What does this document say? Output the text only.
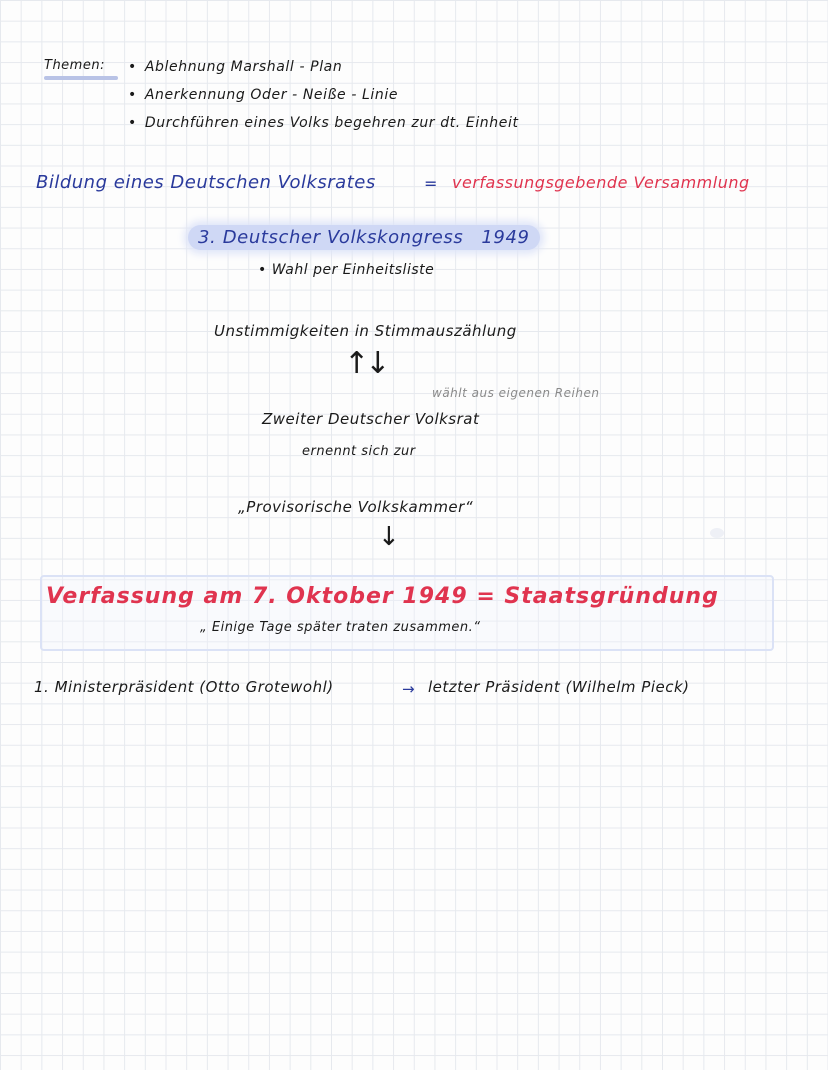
Themen:
•	Ablehnung Marshall - Plan
• Anerkennung Oder - Neiße - Linie
• Durchführen eines Volks begehren zur dt. Einheit
Bildung eines Deutschen Volksrates	= verfassungsgebende Versammlung
3. Deutscher Volkskongress 1949
• Wahl per Einheitsliste
Unstimmigkeiten in Stimmauszählung
↑↓
wählt aus eigenen Reihen
Zweiter Deutscher Volksrat
ernennt sich zur
„Provisorische Volkskammer“
↓
Verfassung am 7. Oktober 1949 = Staatsgründung
„ Einige Tage später traten zusammen.“
1. Ministerpräsident (Otto Grotewohl)	→ letzter Präsident (Wilhelm Pieck)
